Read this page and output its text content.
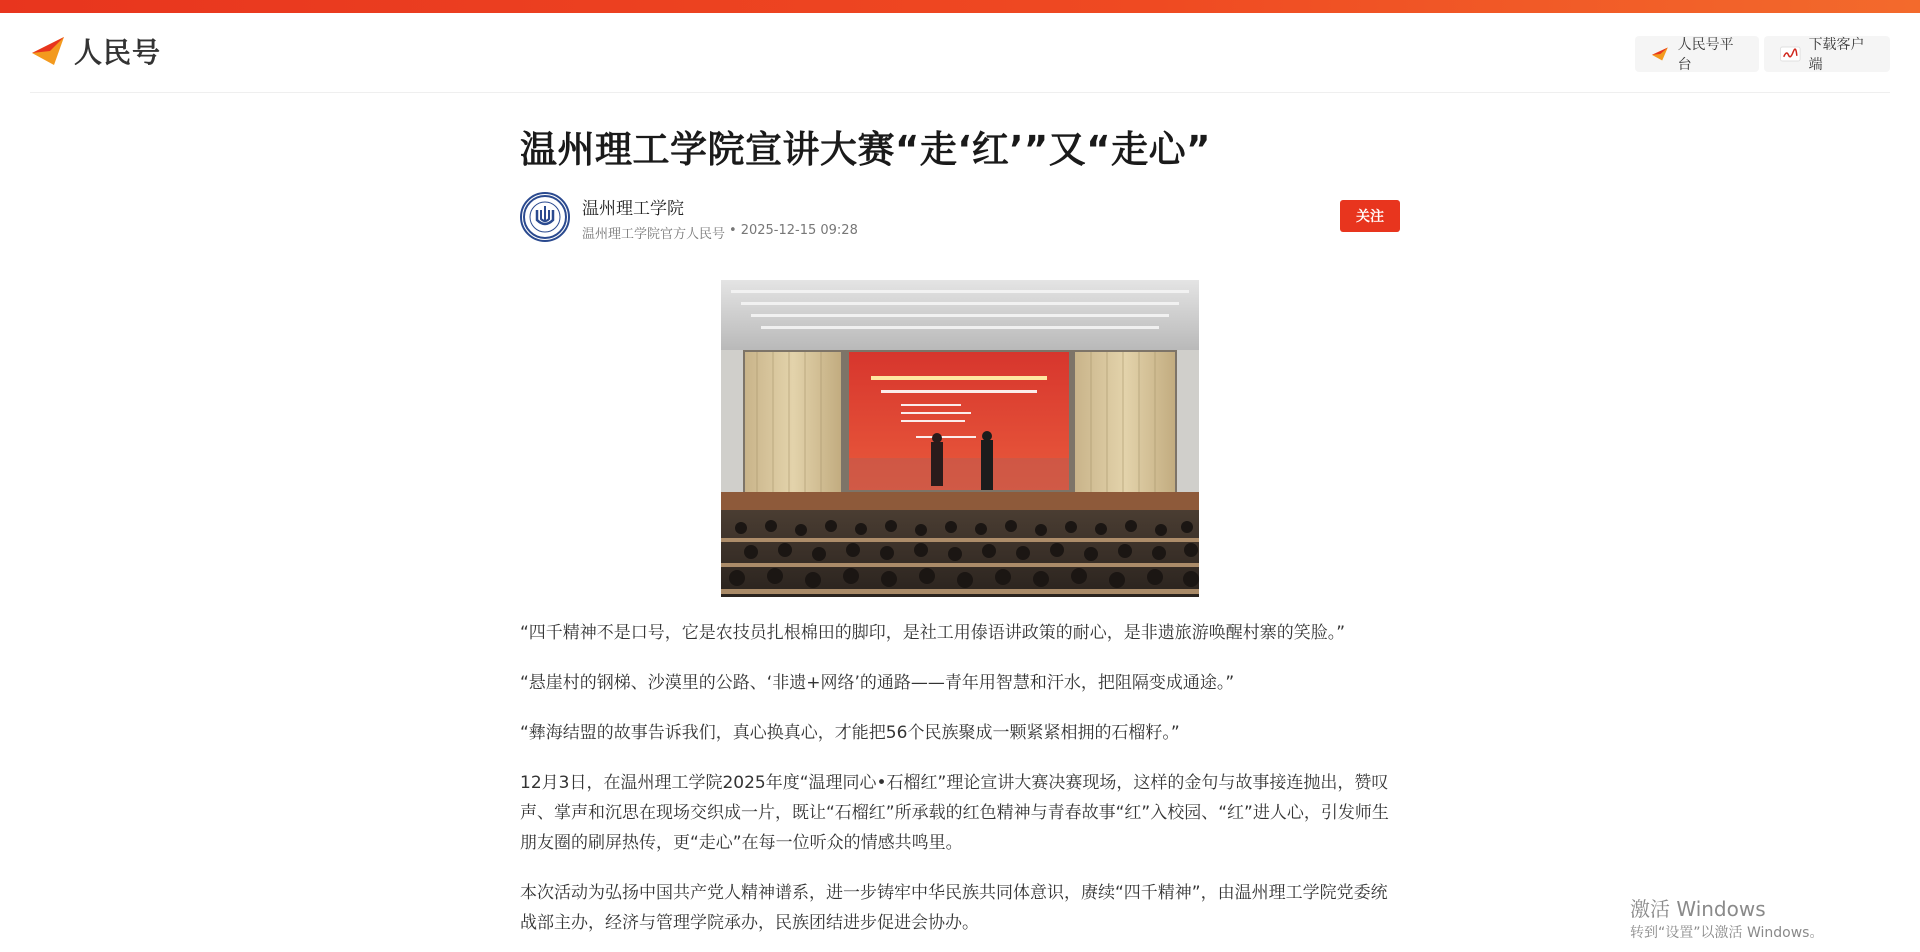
人民号	人民号平台
下载客户端
温州理工学院宣讲大赛“走‘红’”又“走心”
温州理工学院
温州理工学院官方人民号 • 2025-12-15 09:28
关注

“四千精神不是口号，它是农技员扎根棉田的脚印，是社工用傣语讲政策的耐心，是非遗旅游唤醒村寨的笑脸。”

“悬崖村的钢梯、沙漠里的公路、‘非遗+网络’的通路——青年用智慧和汗水，把阻隔变成通途。”

“彝海结盟的故事告诉我们，真心换真心，才能把56个民族聚成一颗紧紧相拥的石榴籽。”

12月3日，在温州理工学院2025年度“温理同心•石榴红”理论宣讲大赛决赛现场，这样的金句与故事接连抛出，赞叹声、掌声和沉思在现场交织成一片，既让“石榴红”所承载的红色精神与青春故事“红”入校园、“红”进人心，引发师生朋友圈的刷屏热传，更“走心”在每一位听众的情感共鸣里。

本次活动为弘扬中国共产党人精神谱系，进一步铸牢中华民族共同体意识，赓续“四千精神”，由温州理工学院党委统战部主办，经济与管理学院承办，民族团结进步促进会协办。

激活 Windows
转到“设置”以激活 Windows。
